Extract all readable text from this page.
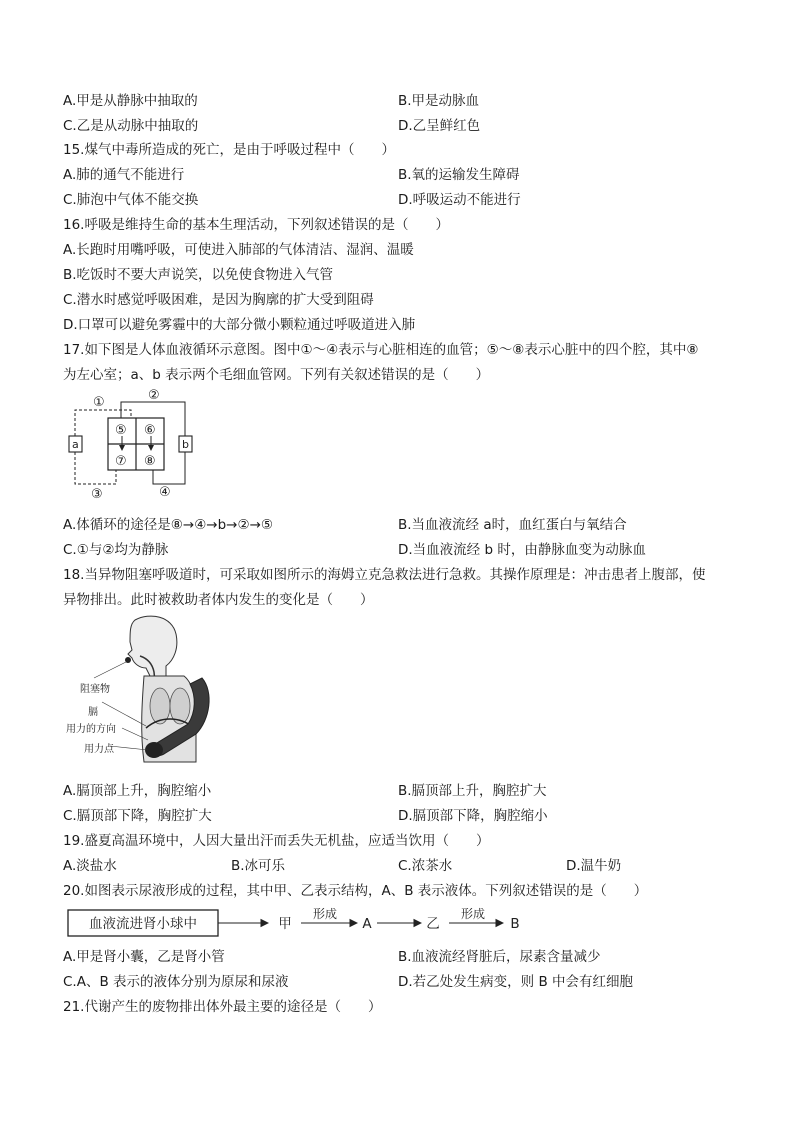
A.甲是从静脉中抽取的	B.甲是动脉血
C.乙是从动脉中抽取的	D.乙呈鲜红色
15.煤气中毒所造成的死亡，是由于呼吸过程中（　　）
A.肺的通气不能进行	B.氧的运输发生障碍
C.肺泡中气体不能交换	D.呼吸运动不能进行
16.呼吸是维持生命的基本生理活动，下列叙述错误的是（　　）
A.长跑时用嘴呼吸，可使进入肺部的气体清洁、湿润、温暖
B.吃饭时不要大声说笑，以免使食物进入气管
C.潜水时感觉呼吸困难，是因为胸廓的扩大受到阻碍
D.口罩可以避免雾霾中的大部分微小颗粒通过呼吸道进入肺
17.如下图是人体血液循环示意图。图中①～④表示与心脏相连的血管；⑤～⑧表示心脏中的四个腔，其中⑧
为左心室；a、b 表示两个毛细血管网。下列有关叙述错误的是（　　）
①	②
③	④
⑤ ⑥
⑦ ⑧
a	b
A.体循环的途径是⑧→④→b→②→⑤	B.当血液流经 a时，血红蛋白与氧结合
C.①与②均为静脉	D.当血液流经 b 时，由静脉血变为动脉血
18.当异物阻塞呼吸道时，可采取如图所示的海姆立克急救法进行急救。其操作原理是：冲击患者上腹部，使
异物排出。此时被救助者体内发生的变化是（　　）
阻塞物
膈
用力的方向
用力点
A.膈顶部上升，胸腔缩小	B.膈顶部上升，胸腔扩大
C.膈顶部下降，胸腔扩大	D.膈顶部下降，胸腔缩小
19.盛夏高温环境中，人因大量出汗而丢失无机盐，应适当饮用（　　）
A.淡盐水	B.冰可乐	C.浓茶水	D.温牛奶
20.如图表示尿液形成的过程，其中甲、乙表示结构，A、B 表示液体。下列叙述错误的是（　　）
血液流进肾小球中	甲
形成
A	乙
形成
B
A.甲是肾小囊，乙是肾小管	B.血液流经肾脏后，尿素含量减少
C.A、B 表示的液体分别为原尿和尿液	D.若乙处发生病变，则 B 中会有红细胞
21.代谢产生的废物排出体外最主要的途径是（　　）
